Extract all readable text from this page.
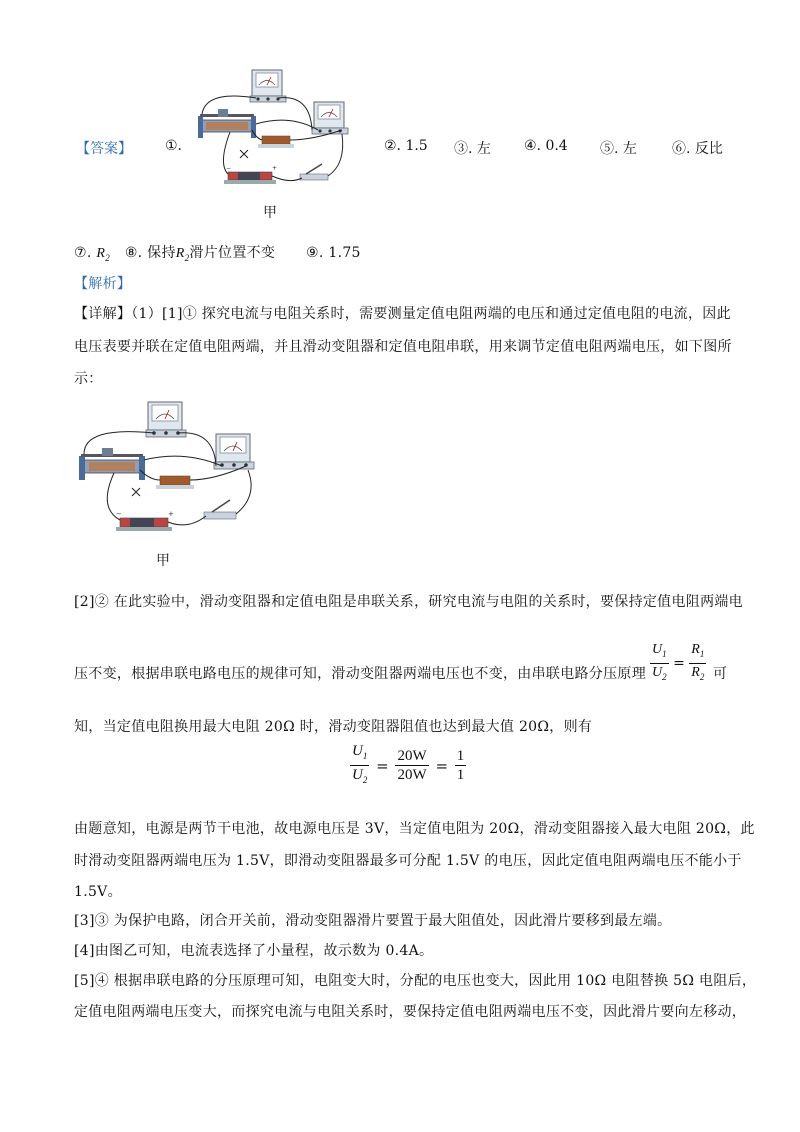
【答案】 ①.
−	+
甲
②. 1.5 ③. 左 ④. 0.4 ⑤. 左	⑥. 反比
⑦. $R_2$ ⑧. 保持$R_2$滑片位置不变 ⑨. 1.75
【解析】
【详解】（1）[1]① 探究电流与电阻关系时，需要测量定值电阻两端的电压和通过定值电阻的电流，因此
电压表要并联在定值电阻两端，并且滑动变阻器和定值电阻串联，用来调节定值电阻两端电压，如下图所
示：
−	+
甲
[2]② 在此实验中，滑动变阻器和定值电阻是串联关系，研究电流与电阻的关系时，要保持定值电阻两端电
压不变，根据串联电路电压的规律可知，滑动变阻器两端电压也不变，由串联电路分压原理 $\frac{U_1}{U_2} = \frac{R_1}{R_2}$ 可
知，当定值电阻换用最大电阻 20Ω 时，滑动变阻器阻值也达到最大值 20Ω，则有
$\frac{U_1}{U_2} = \frac{20W}{20W} = \frac{1}{1}$
由题意知，电源是两节干电池，故电源电压是 3V，当定值电阻为 20Ω，滑动变阻器接入最大电阻 20Ω，此
时滑动变阻器两端电压为 1.5V，即滑动变阻器最多可分配 1.5V 的电压，因此定值电阻两端电压不能小于
1.5V。
[3]③ 为保护电路，闭合开关前，滑动变阻器滑片要置于最大阻值处，因此滑片要移到最左端。
[4]由图乙可知，电流表选择了小量程，故示数为 0.4A。
[5]④ 根据串联电路的分压原理可知，电阻变大时，分配的电压也变大，因此用 10Ω 电阻替换 5Ω 电阻后，
定值电阻两端电压变大，而探究电流与电阻关系时，要保持定值电阻两端电压不变，因此滑片要向左移动，
